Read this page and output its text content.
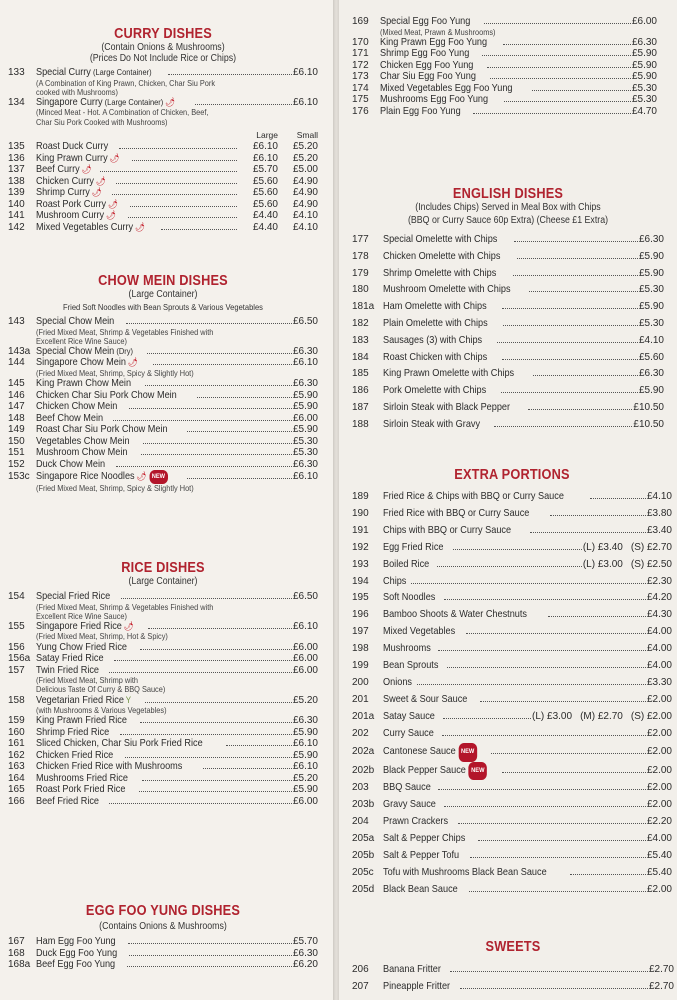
CURRY DISHES
(Contain Onions & Mushrooms)
(Prices Do Not Include Rice or Chips)
133	Special Curry (Large Container)	£6.10
(A Combination of King Prawn, Chicken, Char Siu Pork
cooked with Mushrooms)
134	Singapore Curry (Large Container) 🌶	£6.10
(Minced Meat - Hot. A Combination of Chicken, Beef,
Char Siu Pork Cooked with Mushrooms)
Large	Small
135	Roast Duck Curry	£6.10	£5.20
136	King Prawn Curry 🌶	£6.10	£5.20
137	Beef Curry 🌶	£5.70	£5.00
138	Chicken Curry 🌶	£5.60	£4.90
139	Shrimp Curry 🌶	£5.60	£4.90
140	Roast Pork Curry 🌶	£5.60	£4.90
141	Mushroom Curry 🌶	£4.40	£4.10
142	Mixed Vegetables Curry 🌶	£4.40	£4.10
CHOW MEIN DISHES
(Large Container)
Fried Soft Noodles with Bean Sprouts & Various Vegetables
143	Special Chow Mein	£6.50
(Fried Mixed Meat, Shrimp & Vegetables Finished with
Excellent Rice Wine Sauce)
143a Special Chow Mein (Dry)	£6.30
144	Singapore Chow Mein 🌶	£6.10
(Fried Mixed Meat, Shrimp, Spicy & Slightly Hot)
145	King Prawn Chow Mein	£6.30
146	Chicken Char Siu Pork Chow Mein	£5.90
147	Chicken Chow Mein	£5.90
148	Beef Chow Mein	£6.00
149	Roast Char Siu Pork Chow Mein	£5.90
150	Vegetables Chow Mein	£5.30
151	Mushroom Chow Mein	£5.30
152	Duck Chow Mein	£6.30
153c Singapore Rice Noodles 🌶 NEW	£6.10
(Fried Mixed Meat, Shrimp, Spicy & Slightly Hot)
RICE DISHES
(Large Container)
154	Special Fried Rice	£6.50
(Fried Mixed Meat, Shrimp & Vegetables Finished with
Excellent Rice Wine Sauce)
155	Singapore Fried Rice 🌶	£6.10
(Fried Mixed Meat, Shrimp, Hot & Spicy)
156	Yung Chow Fried Rice	£6.00
156a Satay Fried Rice	£6.00
157	Twin Fried Rice	£6.00
(Fried Mixed Meat, Shrimp with
Delicious Taste Of Curry & BBQ Sauce)
158	Vegetarian Fried Rice Y	£5.20
(with Mushrooms & Various Vegetables)
159	King Prawn Fried Rice	£6.30
160	Shrimp Fried Rice	£5.90
161	Sliced Chicken, Char Siu Pork Fried Rice	£6.10
162	Chicken Fried Rice	£5.90
163	Chicken Fried Rice with Mushrooms	£6.10
164	Mushrooms Fried Rice	£5.20
165	Roast Pork Fried Rice	£5.90
166	Beef Fried Rice	£6.00
EGG FOO YUNG DISHES
(Contains Onions & Mushrooms)
167	Ham Egg Foo Yung	£5.70
168	Duck Egg Foo Yung	£6.30
168a Beef Egg Foo Yung	£6.20
169	Special Egg Foo Yung	£6.00
(Mixed Meat, Prawn & Mushrooms)
170	King Prawn Egg Foo Yung	£6.30
171	Shrimp Egg Foo Yung	£5.90
172	Chicken Egg Foo Yung	£5.90
173	Char Siu Egg Foo Yung	£5.90
174	Mixed Vegetables Egg Foo Yung	£5.30
175	Mushrooms Egg Foo Yung	£5.30
176	Plain Egg Foo Yung	£4.70
ENGLISH DISHES
(Includes Chips) Served in Meal Box with Chips
(BBQ or Curry Sauce 60p Extra) (Cheese £1 Extra)
177	Special Omelette with Chips	£6.30
178	Chicken Omelette with Chips	£5.90
179	Shrimp Omelette with Chips	£5.90
180	Mushroom Omelette with Chips	£5.30
181a Ham Omelette with Chips	£5.90
182	Plain Omelette with Chips	£5.30
183	Sausages (3) with Chips	£4.10
184	Roast Chicken with Chips	£5.60
185	King Prawn Omelette with Chips	£6.30
186	Pork Omelette with Chips	£5.90
187	Sirloin Steak with Black Pepper	£10.50
188	Sirloin Steak with Gravy	£10.50
EXTRA PORTIONS
189	Fried Rice & Chips with BBQ or Curry Sauce	£4.10
190	Fried Rice with BBQ or Curry Sauce	£3.80
191	Chips with BBQ or Curry Sauce	£3.40
192	Egg Fried Rice	(L) £3.40 (S) £2.70
193	Boiled Rice	(L) £3.00 (S) £2.50
194	Chips	£2.30
195	Soft Noodles	£4.20
196	Bamboo Shoots & Water Chestnuts	£4.30
197	Mixed Vegetables	£4.00
198	Mushrooms	£4.00
199	Bean Sprouts	£4.00
200	Onions	£3.30
201	Sweet & Sour Sauce	£2.00
201a Satay Sauce	(L) £3.00 (M) £2.70 (S) £2.00
202	Curry Sauce	£2.00
202a Cantonese Sauce NEW	£2.00
202b Black Pepper Sauce NEW	£2.00
203	BBQ Sauce	£2.00
203b Gravy Sauce	£2.00
204	Prawn Crackers	£2.20
205a Salt & Pepper Chips	£4.00
205b Salt & Pepper Tofu	£5.40
205c Tofu with Mushrooms Black Bean Sauce	£5.40
205d Black Bean Sauce	£2.00
SWEETS
206	Banana Fritter	£2.70
207	Pineapple Fritter	£2.70
